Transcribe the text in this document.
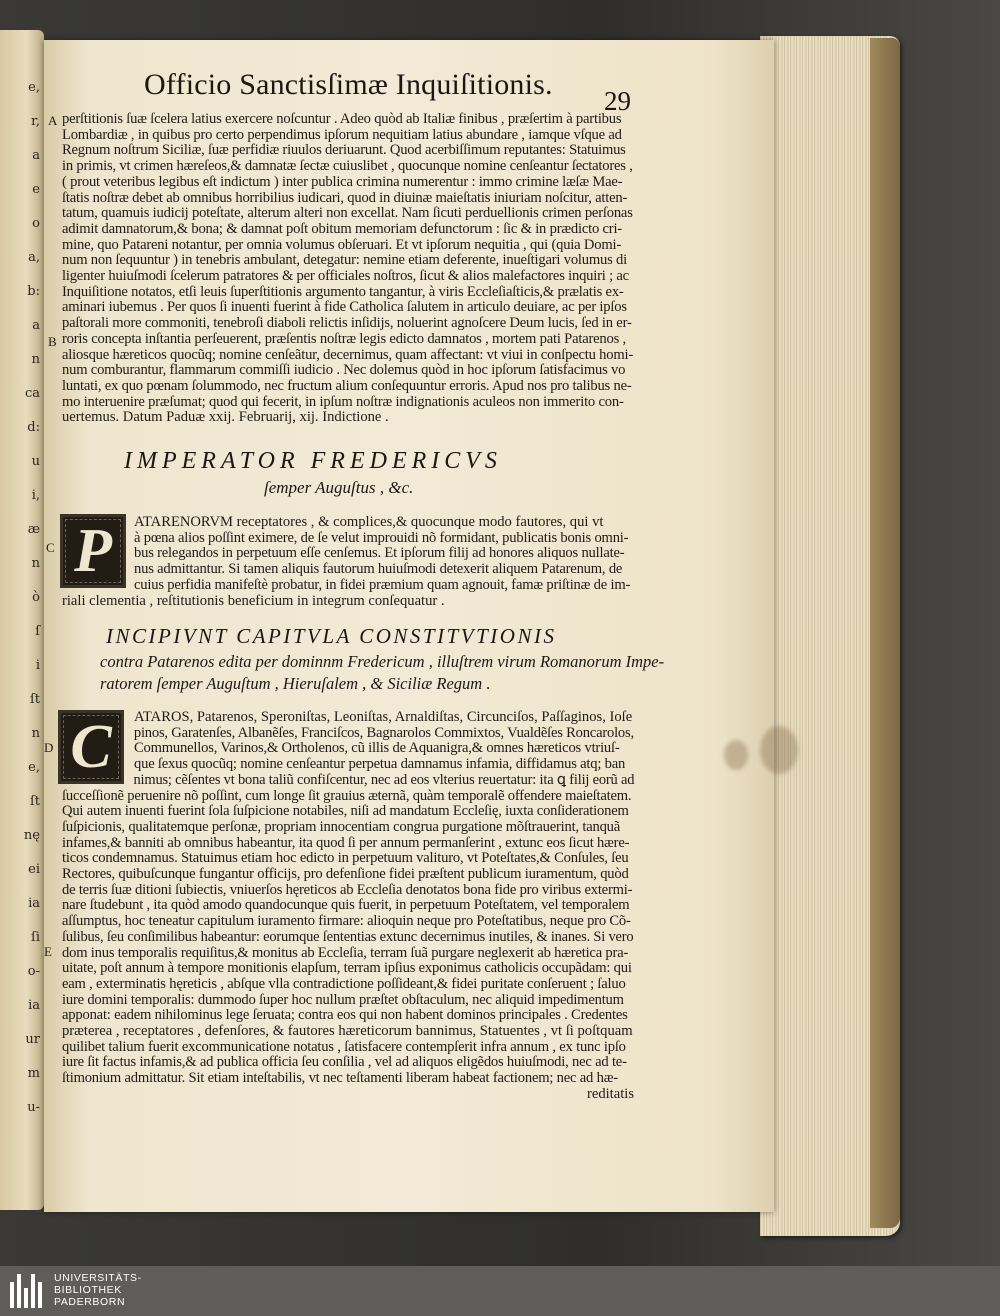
e,
r,
a
e
o
a,
b:
a
n
ca
d:
u
i,
æ
n
ò
ſ
i
ſt
n
e,
ſt
nę
ei
ia
ſi
o-
ia
ur
m
u-
Officio Sanctisſimæ Inquiſitionis.	29
A perſtitionis ſuæ ſcelera latius exercere noſcuntur . Adeo quòd ab Italiæ finibus , præſertim à partibus

Lombardiæ , in quibus pro certo perpendimus ipſorum nequitiam latius abundare , iamque vſque ad

Regnum noſtrum Siciliæ, ſuæ perfidiæ riuulos deriuarunt. Quod acerbiſſimum reputantes: Statuimus

in primis, vt crimen hæreſeos,& damnatæ ſectæ cuiuslibet , quocunque nomine cenſeantur ſectatores ,

( prout veteribus legibus eſt indictum ) inter publica crimina numerentur : immo crimine læſæ Mae-

ſtatis noſtræ debet ab omnibus horribilius iudicari, quod in diuinæ maieſtatis iniuriam noſcitur, atten-

tatum, quamuis iudicij poteſtate, alterum alteri non excellat. Nam ſicuti perduellionis crimen perſonas

adimit damnatorum,& bona; & damnat poſt obitum memoriam defunctorum : ſic & in prædicto cri-

mine, quo Patareni notantur, per omnia volumus obſeruari. Et vt ipſorum nequitia , qui (quia Domi-

num non ſequuntur ) in tenebris ambulant, detegatur: nemine etiam deferente, inueſtigari volumus di

ligenter huiuſmodi ſcelerum patratores & per officiales noſtros, ſicut & alios malefactores inquiri ; ac

Inquiſitione notatos, etſi leuis ſuperſtitionis argumento tangantur, à viris Eccleſiaſticis,& prælatis ex-

aminari iubemus . Per quos ſi inuenti fuerint à fide Catholica ſalutem in articulo deuiare, ac per ipſos

paſtorali more commoniti, tenebroſi diaboli relictis inſidijs, noluerint agnoſcere Deum lucis, ſed in er-

roris concepta inſtantia perſeuerent, præſentis noſtræ legis edicto damnatos , mortem pati Patarenos ,

aliosque hæreticos quocũq; nomine cenſeãtur, decernimus, quam affectant: vt viui in conſpectu homi-

num comburantur, flammarum commiſſi iudicio . Nec dolemus quòd in hoc ipſorum ſatisfacimus vo

luntati, ex quo pœnam ſolummodo, nec fructum alium conſequuntur erroris. Apud nos pro talibus ne-

mo interuenire præſumat; quod qui fecerit, in ipſum noſtræ indignationis aculeos non immerito con-

uertemus. Datum Paduæ xxij. Februarij, xij. Indictione .

B
IMPERATOR FREDERICVS
ſemper Auguſtus , &c.
C P	ATARENORVM receptatores , & complices,& quocunque modo fautores, qui vt

à pœna alios poſſint eximere, de ſe velut improuidi nõ formidant, publicatis bonis omni-

bus relegandos in perpetuum eſſe cenſemus. Et ipſorum filij ad honores aliquos nullate-

nus admittantur. Si tamen aliquis fautorum huiuſmodi detexerit aliquem Patarenum, de

cuius perfidia manifeſtè probatur, in fidei præmium quam agnouit, famæ priſtinæ de im-

riali clementia , reſtitutionis beneficium in integrum conſequatur .

INCIPIVNT CAPITVLA CONSTITVTIONIS
contra Patarenos edita per dominnm Fredericum , illuſtrem virum Romanorum Impe-
ratorem ſemper Auguſtum , Hieruſalem , & Siciliæ Regum .
D C	ATAROS, Patarenos, Speroniſtas, Leoniſtas, Arnaldiſtas, Circunciſos, Paſſaginos, Ioſe

pinos, Garatenſes, Albanẽſes, Franciſcos, Bagnarolos Commixtos, Vualdẽſes Roncarolos,

Communellos, Varinos,& Ortholenos, cũ illis de Aquanigra,& omnes hæreticos vtriuſ-

que ſexus quocũq; nomine cenſeantur perpetua damnamus infamia, diffidamus atq; ban

nimus; cẽſentes vt bona taliũ confiſcentur, nec ad eos vlterius reuertatur: ita ꝗ filij eorũ ad

ſucceſſionẽ peruenire nõ poſſint, cum longe ſit grauius æternã, quàm temporalẽ offendere maieſtatem.

Qui autem inuenti fuerint ſola ſuſpicione notabiles, niſi ad mandatum Eccleſię, iuxta conſiderationem

ſuſpicionis, qualitatemque perſonæ, propriam innocentiam congrua purgatione mõſtrauerint, tanquã

infames,& banniti ab omnibus habeantur, ita quod ſi per annum permanſerint , extunc eos ſicut hære-

ticos condemnamus. Statuimus etiam hoc edicto in perpetuum valituro, vt Poteſtates,& Conſules, ſeu

Rectores, quibuſcunque fungantur officijs, pro defenſione fidei præſtent publicum iuramentum, quòd

de terris ſuæ ditioni ſubiectis, vniuerſos hęreticos ab Eccleſia denotatos bona fide pro viribus extermi-

nare ſtudebunt , ita quòd amodo quandocunque quis fuerit, in perpetuum Poteſtatem, vel temporalem

aſſumptus, hoc teneatur capitulum iuramento firmare: alioquin neque pro Poteſtatibus, neque pro Cõ-

ſulibus, ſeu conſimilibus habeantur: eorumque ſententias extunc decernimus inutiles, & inanes. Si vero

dom inus temporalis requiſitus,& monitus ab Eccleſia, terram ſuã purgare neglexerit ab hæretica pra-

uitate, poſt annum à tempore monitionis elapſum, terram ipſius exponimus catholicis occupãdam: qui

eam , exterminatis hęreticis , abſque vlla contradictione poſſideant,& fidei puritate conſeruent ; ſaluo

iure domini temporalis: dummodo ſuper hoc nullum præſtet obſtaculum, nec aliquid impedimentum

apponat: eadem nihilominus lege ſeruata; contra eos qui non habent dominos principales . Credentes

præterea , receptatores , defenſores, & fautores hæreticorum bannimus, Statuentes , vt ſi poſtquam

quilibet talium fuerit excommunicatione notatus , ſatisfacere contempſerit infra annum , ex tunc ipſo

iure ſit factus infamis,& ad publica officia ſeu conſilia , vel ad aliquos eligẽdos huiuſmodi, nec ad te-

ſtimonium admittatur. Sit etiam inteſtabilis, vt nec teſtamenti liberam habeat factionem; nec ad hæ-

reditatis

E
UNIVERSITÄTS-
BIBLIOTHEK
PADERBORN
